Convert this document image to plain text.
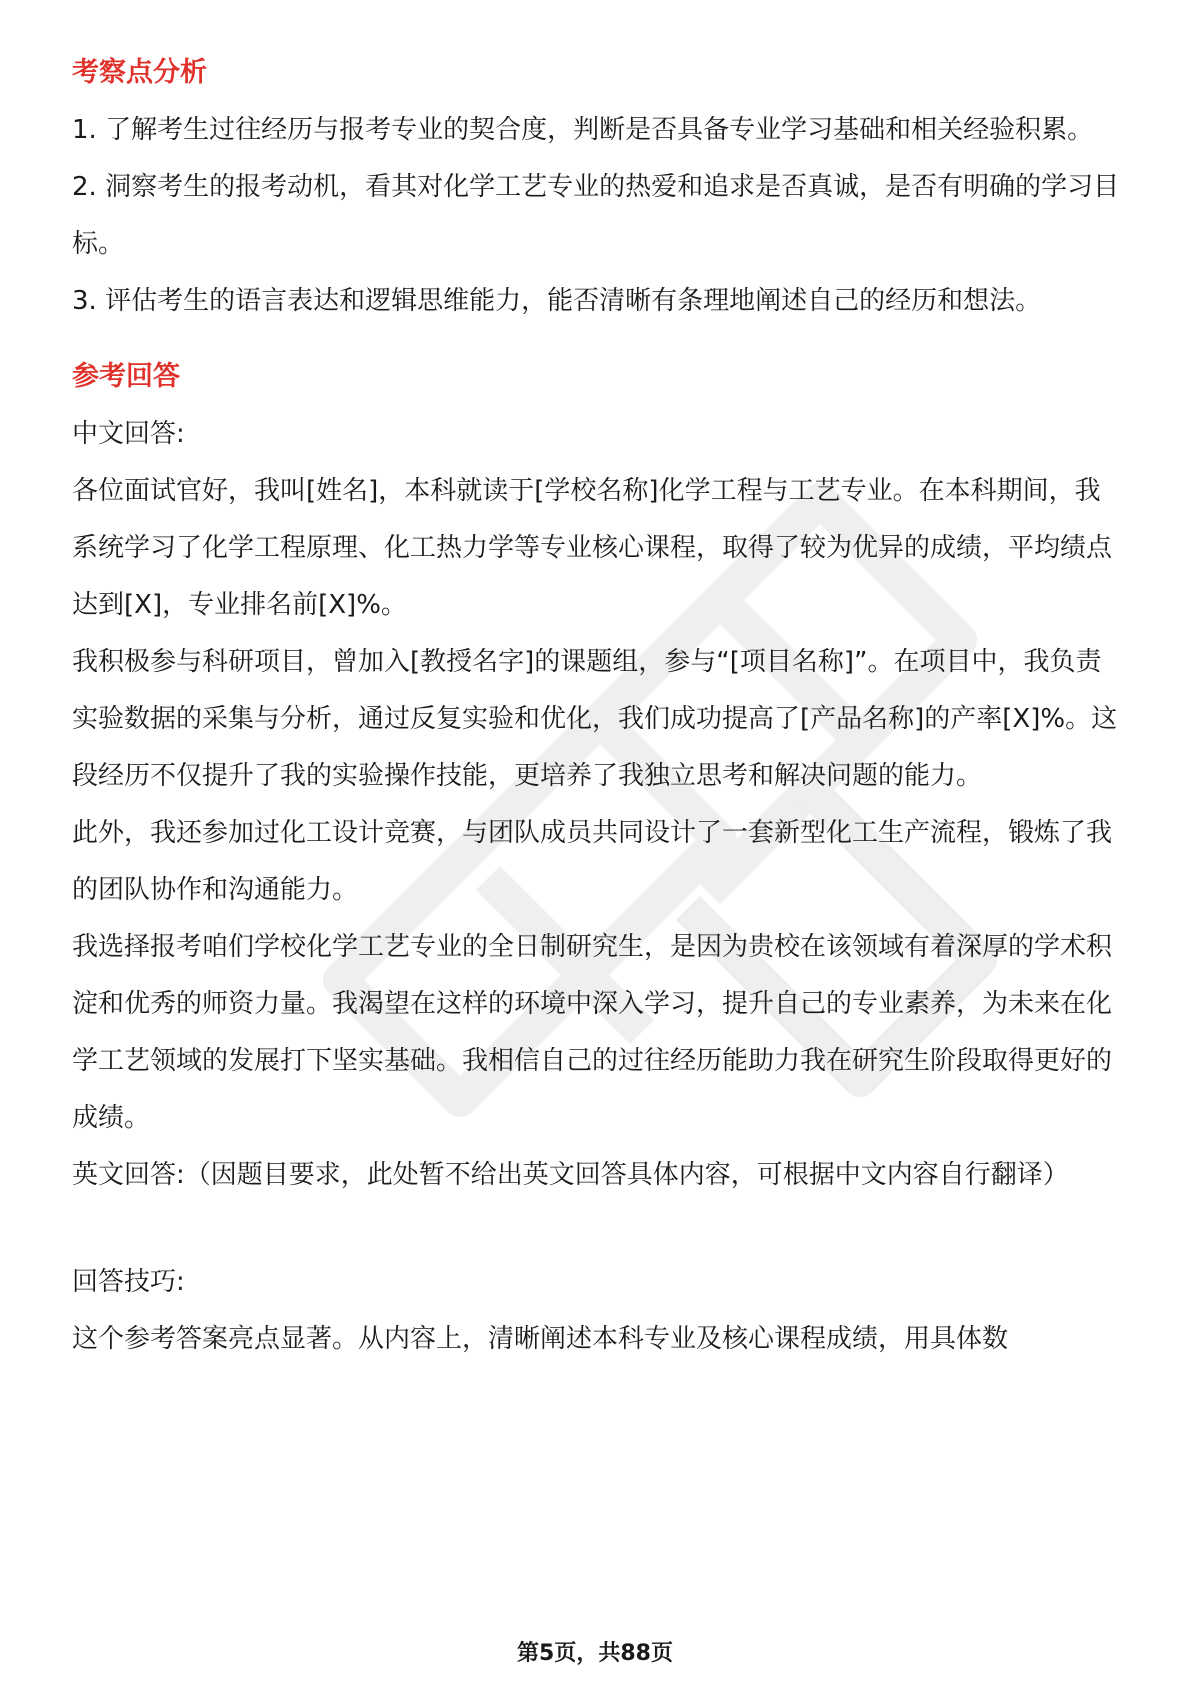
考察点分析

1. 了解考生过往经历与报考专业的契合度，判断是否具备专业学习基础和相关经验积累。

2. 洞察考生的报考动机，看其对化学工艺专业的热爱和追求是否真诚，是否有明确的学习目标。

3. 评估考生的语言表达和逻辑思维能力，能否清晰有条理地阐述自己的经历和想法。

参考回答

中文回答:

各位面试官好，我叫[姓名]，本科就读于[学校名称]化学工程与工艺专业。在本科期间，我系统学习了化学工程原理、化工热力学等专业核心课程，取得了较为优异的成绩，平均绩点达到[X]，专业排名前[X]%。

我积极参与科研项目，曾加入[教授名字]的课题组，参与“[项目名称]”。在项目中，我负责实验数据的采集与分析，通过反复实验和优化，我们成功提高了[产品名称]的产率[X]%。这段经历不仅提升了我的实验操作技能，更培养了我独立思考和解决问题的能力。

此外，我还参加过化工设计竞赛，与团队成员共同设计了一套新型化工生产流程，锻炼了我的团队协作和沟通能力。

我选择报考咱们学校化学工艺专业的全日制研究生，是因为贵校在该领域有着深厚的学术积淀和优秀的师资力量。我渴望在这样的环境中深入学习，提升自己的专业素养，为未来在化学工艺领域的发展打下坚实基础。我相信自己的过往经历能助力我在研究生阶段取得更好的成绩。

英文回答:（因题目要求，此处暂不给出英文回答具体内容，可根据中文内容自行翻译）

回答技巧:

这个参考答案亮点显著。从内容上，清晰阐述本科专业及核心课程成绩，用具体数

第5页，共88页
